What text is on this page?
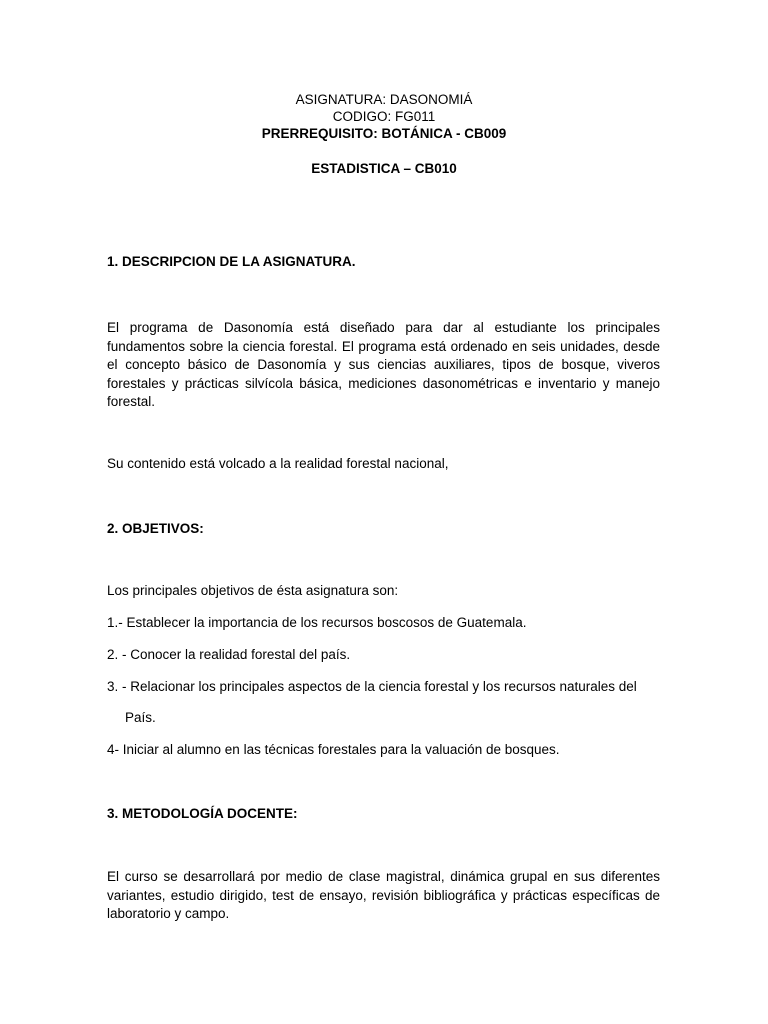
ASIGNATURA: DASONOMIÁ
CODIGO: FG011
PRERREQUISITO: BOTÁNICA - CB009
ESTADISTICA – CB010
1. DESCRIPCION DE LA ASIGNATURA.
El programa de Dasonomía está diseñado para dar al estudiante los principales fundamentos sobre la ciencia forestal. El programa está ordenado en seis unidades, desde el concepto básico de Dasonomía y sus ciencias auxiliares, tipos de bosque, viveros forestales y prácticas silvícola básica, mediciones dasonométricas e inventario y manejo forestal.
Su contenido está volcado a la realidad forestal nacional,
2. OBJETIVOS:
Los principales objetivos de ésta asignatura son:
1.- Establecer la importancia de los recursos boscosos de Guatemala.
2. - Conocer la realidad forestal del país.
3. - Relacionar los principales aspectos de la ciencia forestal y los recursos naturales del
País.
4- Iniciar al alumno en las técnicas forestales para la valuación de bosques.
3. METODOLOGÍA DOCENTE:
El curso se desarrollará por medio de clase magistral, dinámica grupal en sus diferentes variantes, estudio dirigido, test de ensayo, revisión bibliográfica y prácticas específicas de laboratorio y campo.
